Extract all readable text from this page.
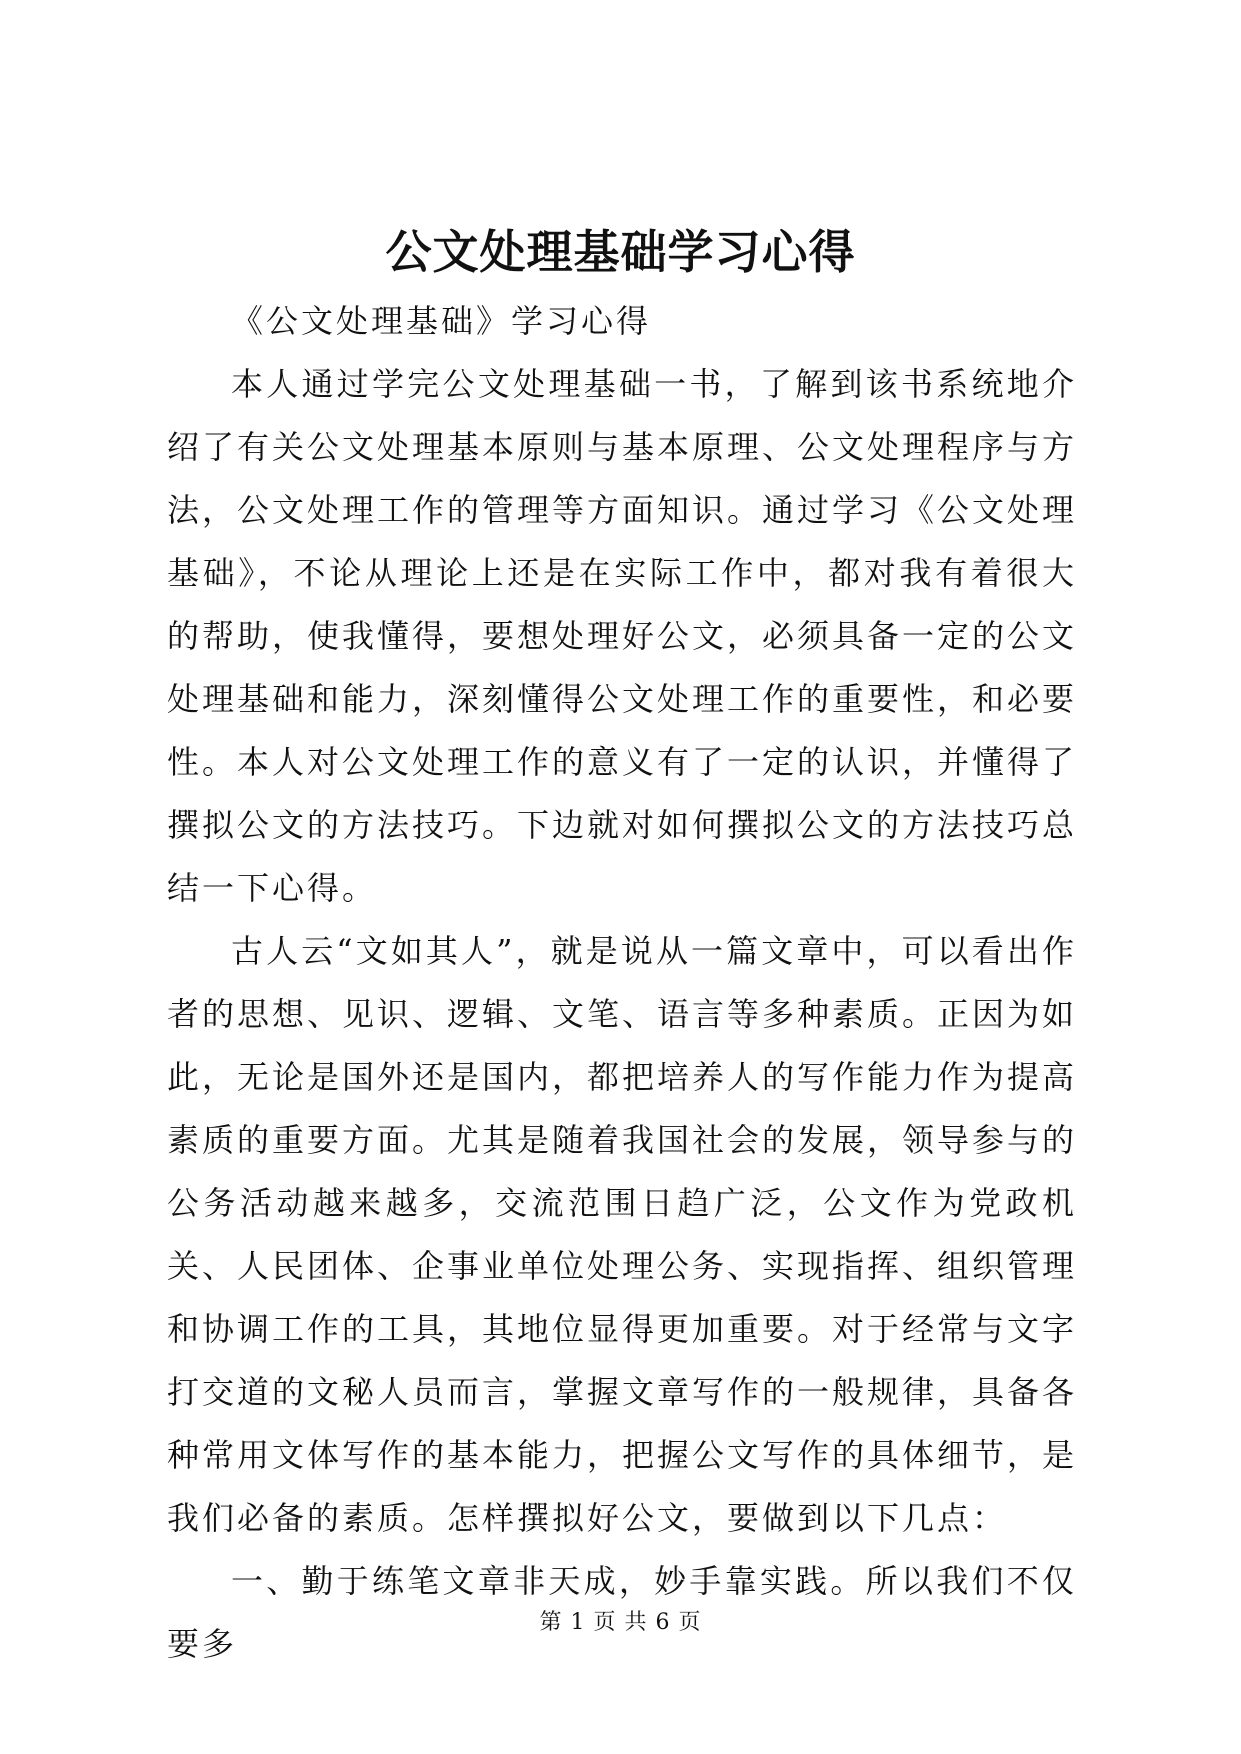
公文处理基础学习心得

《公文处理基础》学习心得

本人通过学完公文处理基础一书，了解到该书系统地介绍了有关公文处理基本原则与基本原理、公文处理程序与方法，公文处理工作的管理等方面知识。通过学习《公文处理基础》，不论从理论上还是在实际工作中，都对我有着很大的帮助，使我懂得，要想处理好公文，必须具备一定的公文处理基础和能力，深刻懂得公文处理工作的重要性，和必要性。本人对公文处理工作的意义有了一定的认识，并懂得了撰拟公文的方法技巧。下边就对如何撰拟公文的方法技巧总结一下心得。

古人云“文如其人”，就是说从一篇文章中，可以看出作者的思想、见识、逻辑、文笔、语言等多种素质。正因为如此，无论是国外还是国内，都把培养人的写作能力作为提高素质的重要方面。尤其是随着我国社会的发展，领导参与的公务活动越来越多，交流范围日趋广泛，公文作为党政机关、人民团体、企事业单位处理公务、实现指挥、组织管理和协调工作的工具，其地位显得更加重要。对于经常与文字打交道的文秘人员而言，掌握文章写作的一般规律，具备各种常用文体写作的基本能力，把握公文写作的具体细节，是我们必备的素质。怎样撰拟好公文，要做到以下几点：

一、勤于练笔文章非天成，妙手靠实践。所以我们不仅要多

第 1 页 共 6 页
